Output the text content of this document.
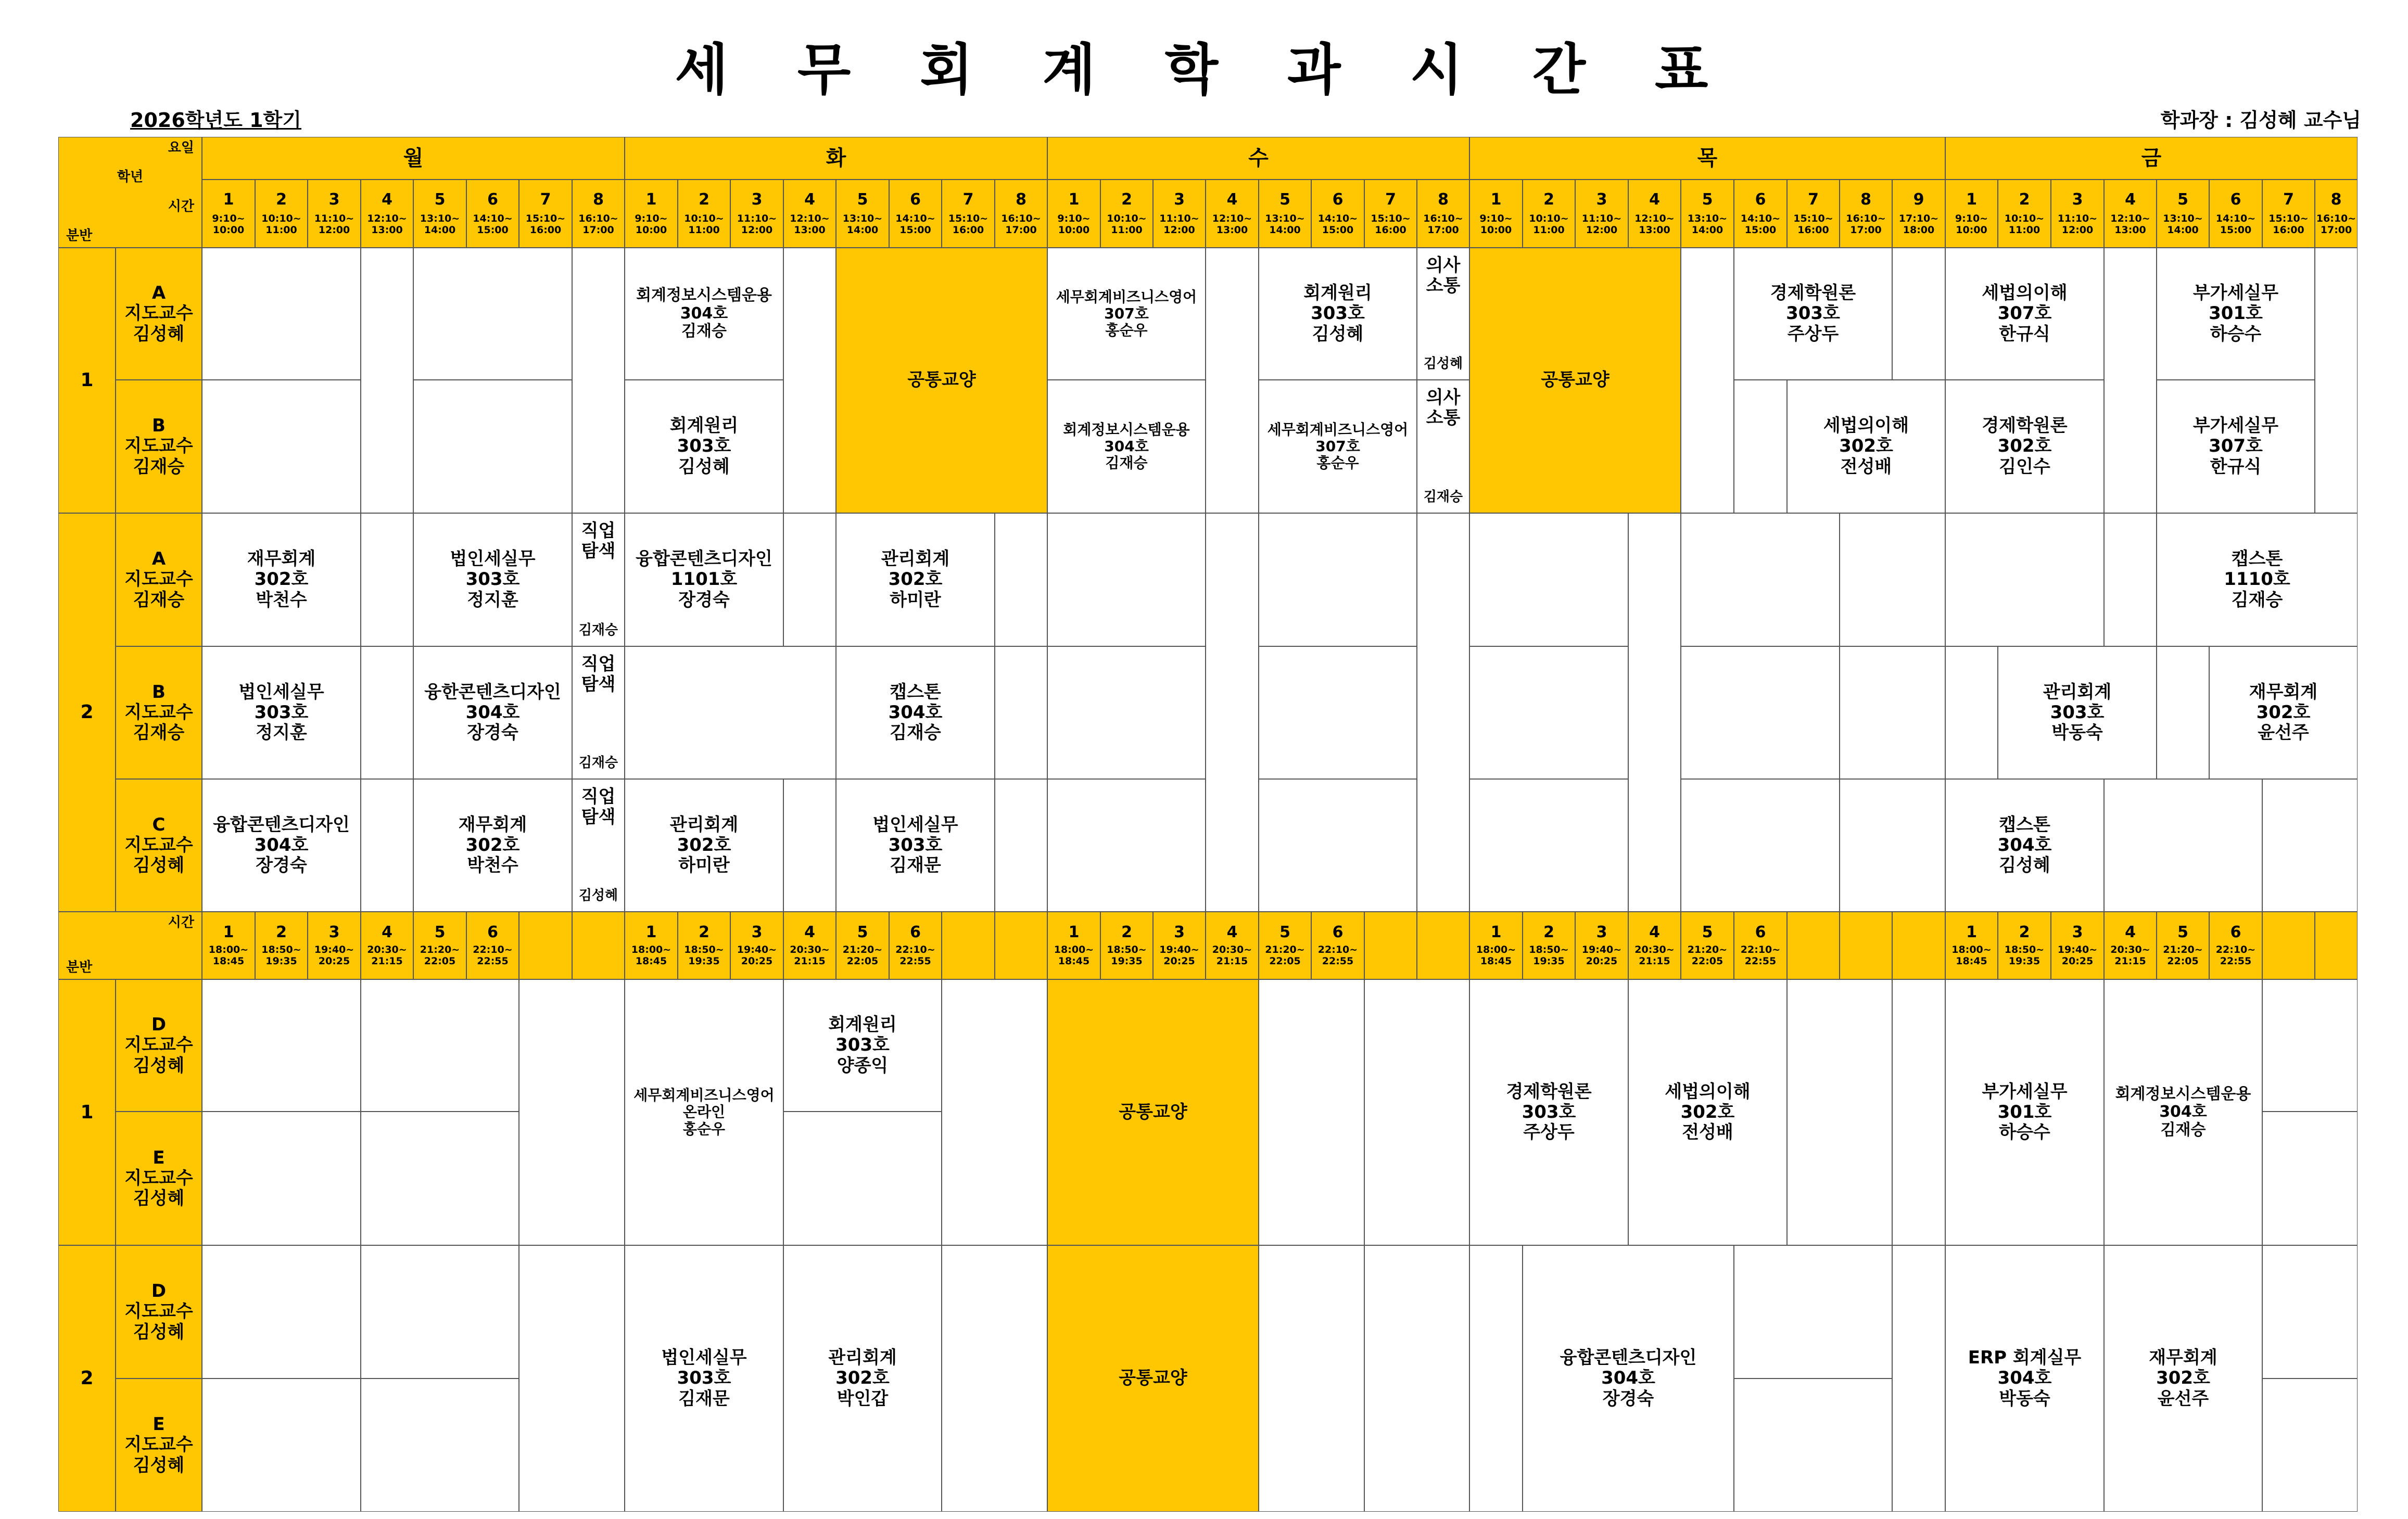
세 무 회 계 학 과 시 간 표
2026학년도 1학기	학과장 : 김성혜 교수님
요일
학년
시간
분반
월
1
9:10~
10:00
2
10:10~
11:00
3
11:10~
12:00
4
12:10~
13:00
5
13:10~
14:00
6
14:10~
15:00
7
15:10~
16:00
8
16:10~
17:00
화
1
9:10~
10:00
2
10:10~
11:00
3
11:10~
12:00
4
12:10~
13:00
5
13:10~
14:00
6
14:10~
15:00
7
15:10~
16:00
8
16:10~
17:00
수
1
9:10~
10:00
2
10:10~
11:00
3
11:10~
12:00
4
12:10~
13:00
5
13:10~
14:00
6
14:10~
15:00
7
15:10~
16:00
8
16:10~
17:00
목
1
9:10~
10:00
2
10:10~
11:00
3
11:10~
12:00
4
12:10~
13:00
5
13:10~
14:00
6
14:10~
15:00
7
15:10~
16:00
8
16:10~
17:00
9
17:10~
18:00
금
1
9:10~
10:00
2
10:10~
11:00
3
11:10~
12:00
4
12:10~
13:00
5
13:10~
14:00
6
14:10~
15:00
7
15:10~
16:00
8
16:10~
17:00
1
2
A
지도교수
김성혜
B
지도교수
김재승
A
지도교수
김재승
B
지도교수
김재승
C
지도교수
김성혜
시간
분반
1
18:00~
18:45
2
18:50~
19:35
3
19:40~
20:25
4
20:30~
21:15
5
21:20~
22:05
6
22:10~
22:55
1
18:00~
18:45
2
18:50~
19:35
3
19:40~
20:25
4
20:30~
21:15
5
21:20~
22:05
6
22:10~
22:55
1
18:00~
18:45
2
18:50~
19:35
3
19:40~
20:25
4
20:30~
21:15
5
21:20~
22:05
6
22:10~
22:55
1
18:00~
18:45
2
18:50~
19:35
3
19:40~
20:25
4
20:30~
21:15
5
21:20~
22:05
6
22:10~
22:55
1
18:00~
18:45
2
18:50~
19:35
3
19:40~
20:25
4
20:30~
21:15
5
21:20~
22:05
6
22:10~
22:55
1
2
D
지도교수
김성혜
E
지도교수
김성혜
D
지도교수
김성혜
E
지도교수
김성혜
회계정보시스템운용
304호
김재승
공통교양
세무회계비즈니스영어
307호
홍순우
회계원리
303호
김성혜
의사

소통
김성혜
공통교양
경제학원론
303호
주상두
세법의이해
307호
한규식
부가세실무
301호
하승수
회계원리
303호
김성혜
회계정보시스템운용
304호
김재승
세무회계비즈니스영어
307호
홍순우
의사

소통
김재승
세법의이해
302호
전성배
경제학원론
302호
김인수
부가세실무
307호
한규식
재무회계
302호
박천수
법인세실무
303호
정지훈
직업

탐색
김재승
융합콘텐츠디자인
1101호
장경숙
관리회계
302호
하미란
캡스톤
1110호
김재승
법인세실무
303호
정지훈
융한콘텐츠디자인
304호
장경숙
직업

탐색
김재승
캡스톤
304호
김재승
관리회계
303호
박동숙
재무회계
302호
윤선주
융합콘텐츠디자인
304호
장경숙
재무회계
302호
박천수
직업

탐색
김성혜
관리회계
302호
하미란
법인세실무
303호
김재문
캡스톤
304호
김성혜
세무회계비즈니스영어
온라인
홍순우
회계원리
303호
양종익
공통교양
경제학원론
303호
주상두
세법의이해
302호
전성배
부가세실무
301호
하승수
회계정보시스템운용
304호
김재승
법인세실무
303호
김재문
관리회계
302호
박인갑
공통교양
융합콘텐츠디자인
304호
장경숙
ERP 회계실무
304호
박동숙
재무회계
302호
윤선주
